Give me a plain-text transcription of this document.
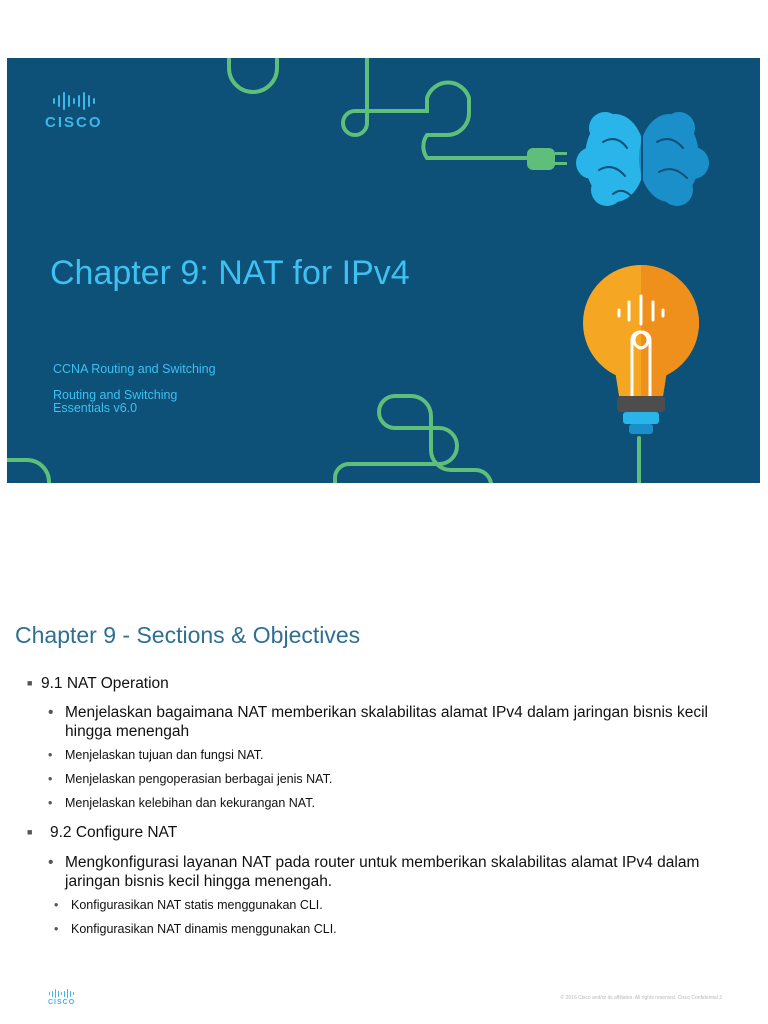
CISCO
Chapter 9: NAT for IPv4
CCNA Routing and Switching
Routing and Switching Essentials v6.0
Chapter 9 - Sections & Objectives
■ 9.1 NAT Operation
• Menjelaskan bagaimana NAT memberikan skalabilitas alamat IPv4 dalam jaringan bisnis kecil hingga menengah
• Menjelaskan tujuan dan fungsi NAT.
• Menjelaskan pengoperasian berbagai jenis NAT.
• Menjelaskan kelebihan dan kekurangan NAT.
■ 9.2 Configure NAT
• Mengkonfigurasi layanan NAT pada router untuk memberikan skalabilitas alamat IPv4 dalam jaringan bisnis kecil hingga menengah.
• Konfigurasikan NAT statis menggunakan CLI.
• Konfigurasikan NAT dinamis menggunakan CLI.
CISCO
© 2016 Cisco and/or its affiliates. All rights reserved. Cisco Confidential 2
